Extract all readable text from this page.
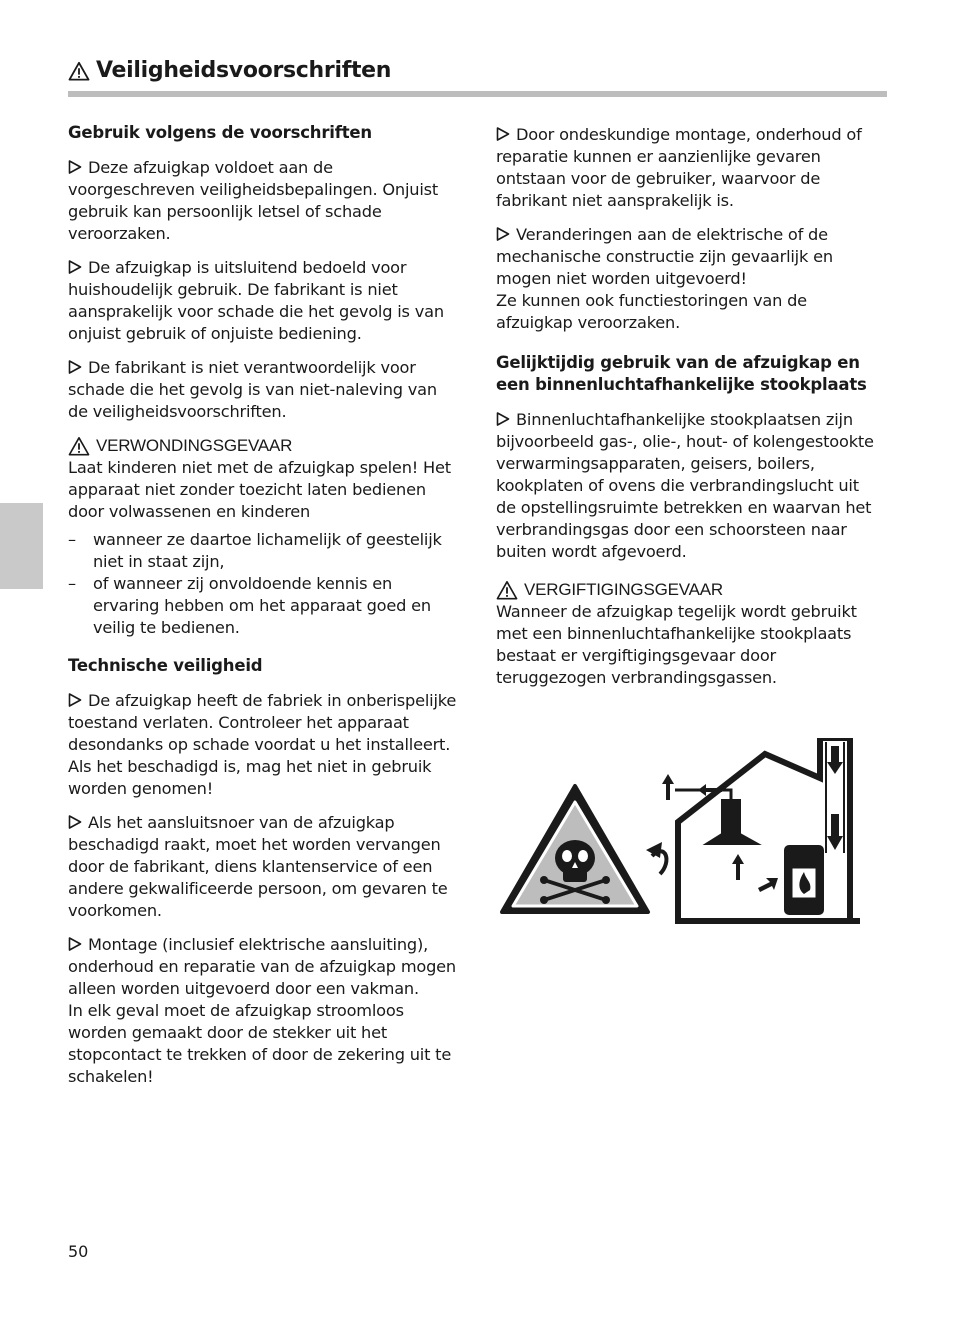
Veiligheidsvoorschriften
Gebruik volgens de voorschriften

Deze afzuigkap voldoet aan de voorgeschreven veiligheidsbepalingen. Onjuist gebruik kan persoonlijk letsel of schade veroorzaken.

De afzuigkap is uitsluitend bedoeld voor huishoudelijk gebruik. De fabrikant is niet aansprakelijk voor schade die het gevolg is van onjuist gebruik of onjuiste bediening.

De fabrikant is niet verantwoordelijk voor schade die het gevolg is van niet-naleving van de veiligheidsvoorschriften.

VERWONDINGSGEVAAR
Laat kinderen niet met de afzuigkap spelen! Het apparaat niet zonder toezicht laten bedienen door volwassenen en kinderen
– wanneer ze daartoe lichamelijk of geestelijk niet in staat zijn,
– of wanneer zij onvoldoende kennis en ervaring hebben om het apparaat goed en veilig te bedienen.
Technische veiligheid

De afzuigkap heeft de fabriek in onberispelijke toestand verlaten. Controleer het apparaat desondanks op schade voordat u het installeert. Als het beschadigd is, mag het niet in gebruik worden genomen!

Als het aansluitsnoer van de afzuigkap beschadigd raakt, moet het worden vervangen door de fabrikant, diens klantenservice of een andere gekwalificeerde persoon, om gevaren te voorkomen.

Montage (inclusief elektrische aansluiting), onderhoud en reparatie van de afzuigkap mogen alleen worden uitgevoerd door een vakman.

In elk geval moet de afzuigkap stroomloos worden gemaakt door de stekker uit het stopcontact te trekken of door de zekering uit te schakelen!

Door ondeskundige montage, onderhoud of reparatie kunnen er aanzienlijke gevaren ontstaan voor de gebruiker, waarvoor de fabrikant niet aansprakelijk is.

Veranderingen aan de elektrische of de mechanische constructie zijn gevaarlijk en mogen niet worden uitgevoerd!

Ze kunnen ook functiestoringen van de afzuigkap veroorzaken.

Gelijktijdig gebruik van de afzuigkap en een binnenluchtafhankelijke stookplaats

Binnenluchtafhankelijke stookplaatsen zijn bijvoorbeeld gas-, olie-, hout- of kolengestookte verwarmingsapparaten, geisers, boilers, kookplaten of ovens die verbrandingslucht uit de opstellingsruimte betrekken en waarvan het verbrandingsgas door een schoorsteen naar buiten wordt afgevoerd.

VERGIFTIGINGSGEVAAR
Wanneer de afzuigkap tegelijk wordt gebruikt met een binnenluchtafhankelijke stookplaats bestaat er vergiftigingsgevaar door teruggezogen verbrandingsgassen.
50
